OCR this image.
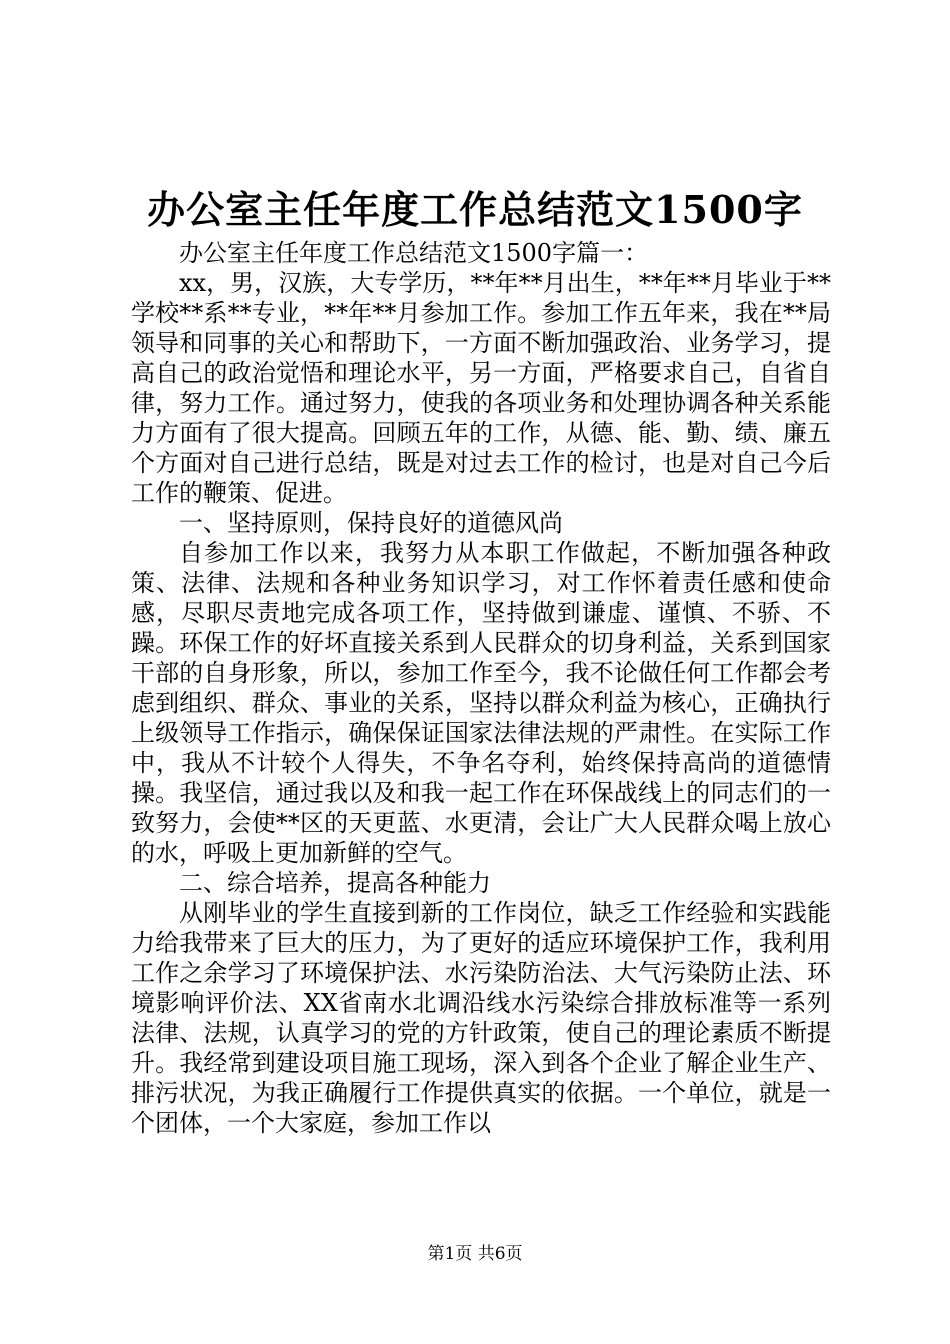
办公室主任年度工作总结范文1500字

办公室主任年度工作总结范文1500字篇一：

xx，男，汉族，大专学历，**年**月出生，**年**月毕业于**学校**系**专业，**年**月参加工作。参加工作五年来，我在**局领导和同事的关心和帮助下，一方面不断加强政治、业务学习，提高自己的政治觉悟和理论水平，另一方面，严格要求自己，自省自律，努力工作。通过努力，使我的各项业务和处理协调各种关系能力方面有了很大提高。回顾五年的工作，从德、能、勤、绩、廉五个方面对自己进行总结，既是对过去工作的检讨，也是对自己今后工作的鞭策、促进。

一、坚持原则，保持良好的道德风尚

自参加工作以来，我努力从本职工作做起，不断加强各种政策、法律、法规和各种业务知识学习，对工作怀着责任感和使命感，尽职尽责地完成各项工作，坚持做到谦虚、谨慎、不骄、不躁。环保工作的好坏直接关系到人民群众的切身利益，关系到国家干部的自身形象，所以，参加工作至今，我不论做任何工作都会考虑到组织、群众、事业的关系，坚持以群众利益为核心，正确执行上级领导工作指示，确保保证国家法律法规的严肃性。在实际工作中，我从不计较个人得失，不争名夺利，始终保持高尚的道德情操。我坚信，通过我以及和我一起工作在环保战线上的同志们的一致努力，会使**区的天更蓝、水更清，会让广大人民群众喝上放心的水，呼吸上更加新鲜的空气。

二、综合培养，提高各种能力

从刚毕业的学生直接到新的工作岗位，缺乏工作经验和实践能力给我带来了巨大的压力，为了更好的适应环境保护工作，我利用工作之余学习了环境保护法、水污染防治法、大气污染防止法、环境影响评价法、XX省南水北调沿线水污染综合排放标准等一系列法律、法规，认真学习的党的方针政策，使自己的理论素质不断提升。我经常到建设项目施工现场，深入到各个企业了解企业生产、排污状况，为我正确履行工作提供真实的依据。一个单位，就是一个团体，一个大家庭，参加工作以

第1页 共6页
